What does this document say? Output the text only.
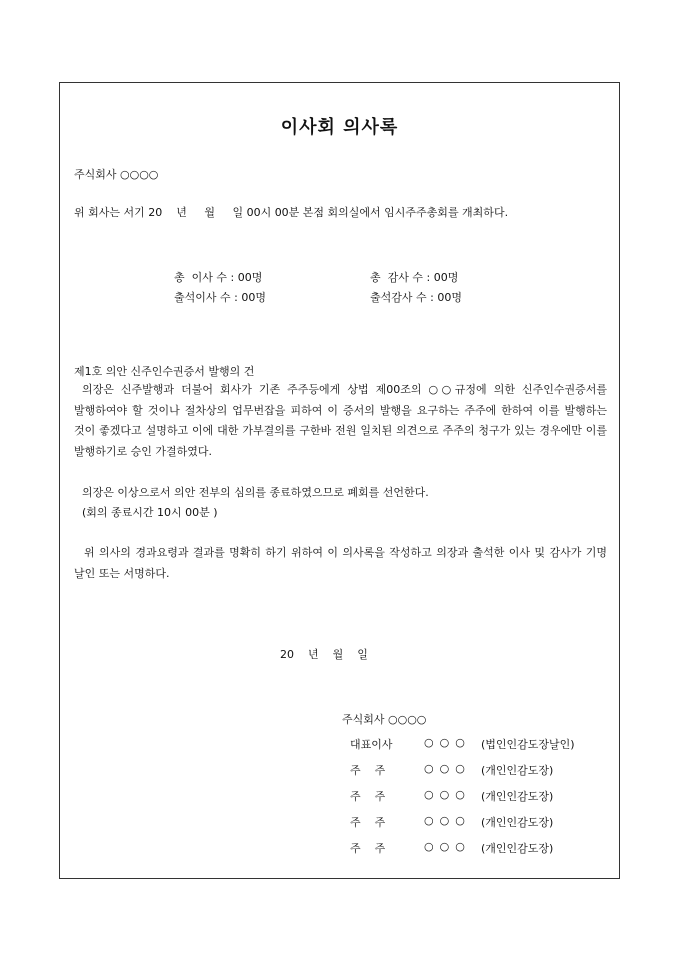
이사회 의사록
주식회사 ○○○○
위 회사는 서기 20    년     월     일 00시 00분 본점 회의실에서 임시주주총회를 개최하다.
총  이사 수 : 00명	총  감사 수 : 00명
출석이사 수 : 00명	출석감사 수 : 00명
제1호 의안 신주인수권증서 발행의 건
의장은 신주발행과 더불어 회사가 기존 주주등에게 상법 제00조의 ○○규정에 의한 신주인수권증서를 발행하여야 할 것이나 절차상의 업무번잡을 피하여 이 증서의 발행을 요구하는 주주에 한하여 이를 발행하는 것이 좋겠다고 설명하고 이에 대한 가부결의를 구한바 전원 일치된 의견으로 주주의 청구가 있는 경우에만 이를 발행하기로 승인 가결하였다.
의장은 이상으로서 의안 전부의 심의를 종료하였으므로 폐회를 선언한다.
(회의 종료시간 10시 00분 )
위 의사의 경과요령과 결과를 명확히 하기 위하여 이 의사록을 작성하고 의장과 출석한 이사 및 감사가 기명 날인 또는 서명하다.
20    년    월    일
주식회사 ○○○○
대표이사	○○○ (법인인감도장날인)
주    주	○○○ (개인인감도장)
주    주	○○○ (개인인감도장)
주    주	○○○ (개인인감도장)
주    주	○○○ (개인인감도장)
